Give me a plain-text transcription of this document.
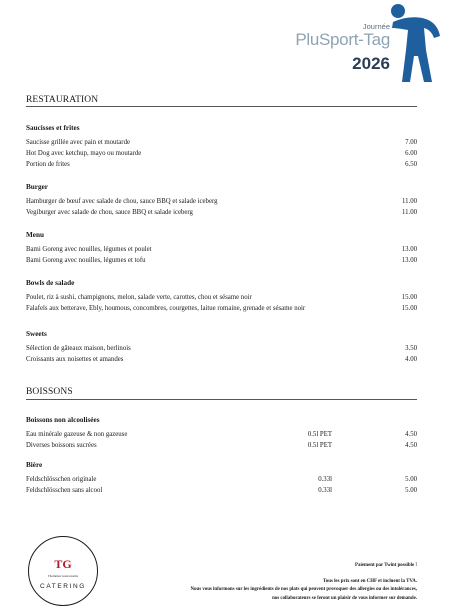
Journée
PluSport-Tag
2026
RESTAURATION
Saucisses et frites
Saucisse grillée avec pain et moutarde	7.00
Hot Dog avec ketchup, mayo ou moutarde	6.00
Portion de frites	6.50
Burger
Hamburger de bœuf avec salade de chou, sauce BBQ et salade iceberg	11.00
Vegiburger avec salade de chou, sauce BBQ et salade iceberg	11.00
Menu
Bami Goreng avec nouilles, légumes et poulet	13.00
Bami Goreng avec nouilles, légumes et tofu	13.00
Bowls de salade
Poulet, riz à sushi, champignons, melon, salade verte, carottes, chou et sésame noir	15.00
Falafels aux betterave, Ebly, houmous, concombres, courgettes, laitue romaine, grenade et sésame noir	15.00
Sweets
Sélection de gâteaux maison, berlinois	3.50
Croissants aux noisettes et amandes	4.00
BOISSONS
Boissons non alcoolisées
Eau minérale gazeuse & non gazeuse	0.5l PET	4.50
Diverses boissons sucrées	0.5l PET	4.50
Bière
Feldschlösschen originale	0.33l	5.00
Feldschlösschen sans alcool	0.33l	5.00
TG
Thommen Gastronomie
CATERING
Paiement par Twint possible !
Tous les prix sont en CHF et incluent la TVA.
Nous vous informons sur les ingrédients de nos plats qui peuvent provoquer des allergies ou des intolérances,
nos collaborateurs se feront un plaisir de vous informer sur demande.
